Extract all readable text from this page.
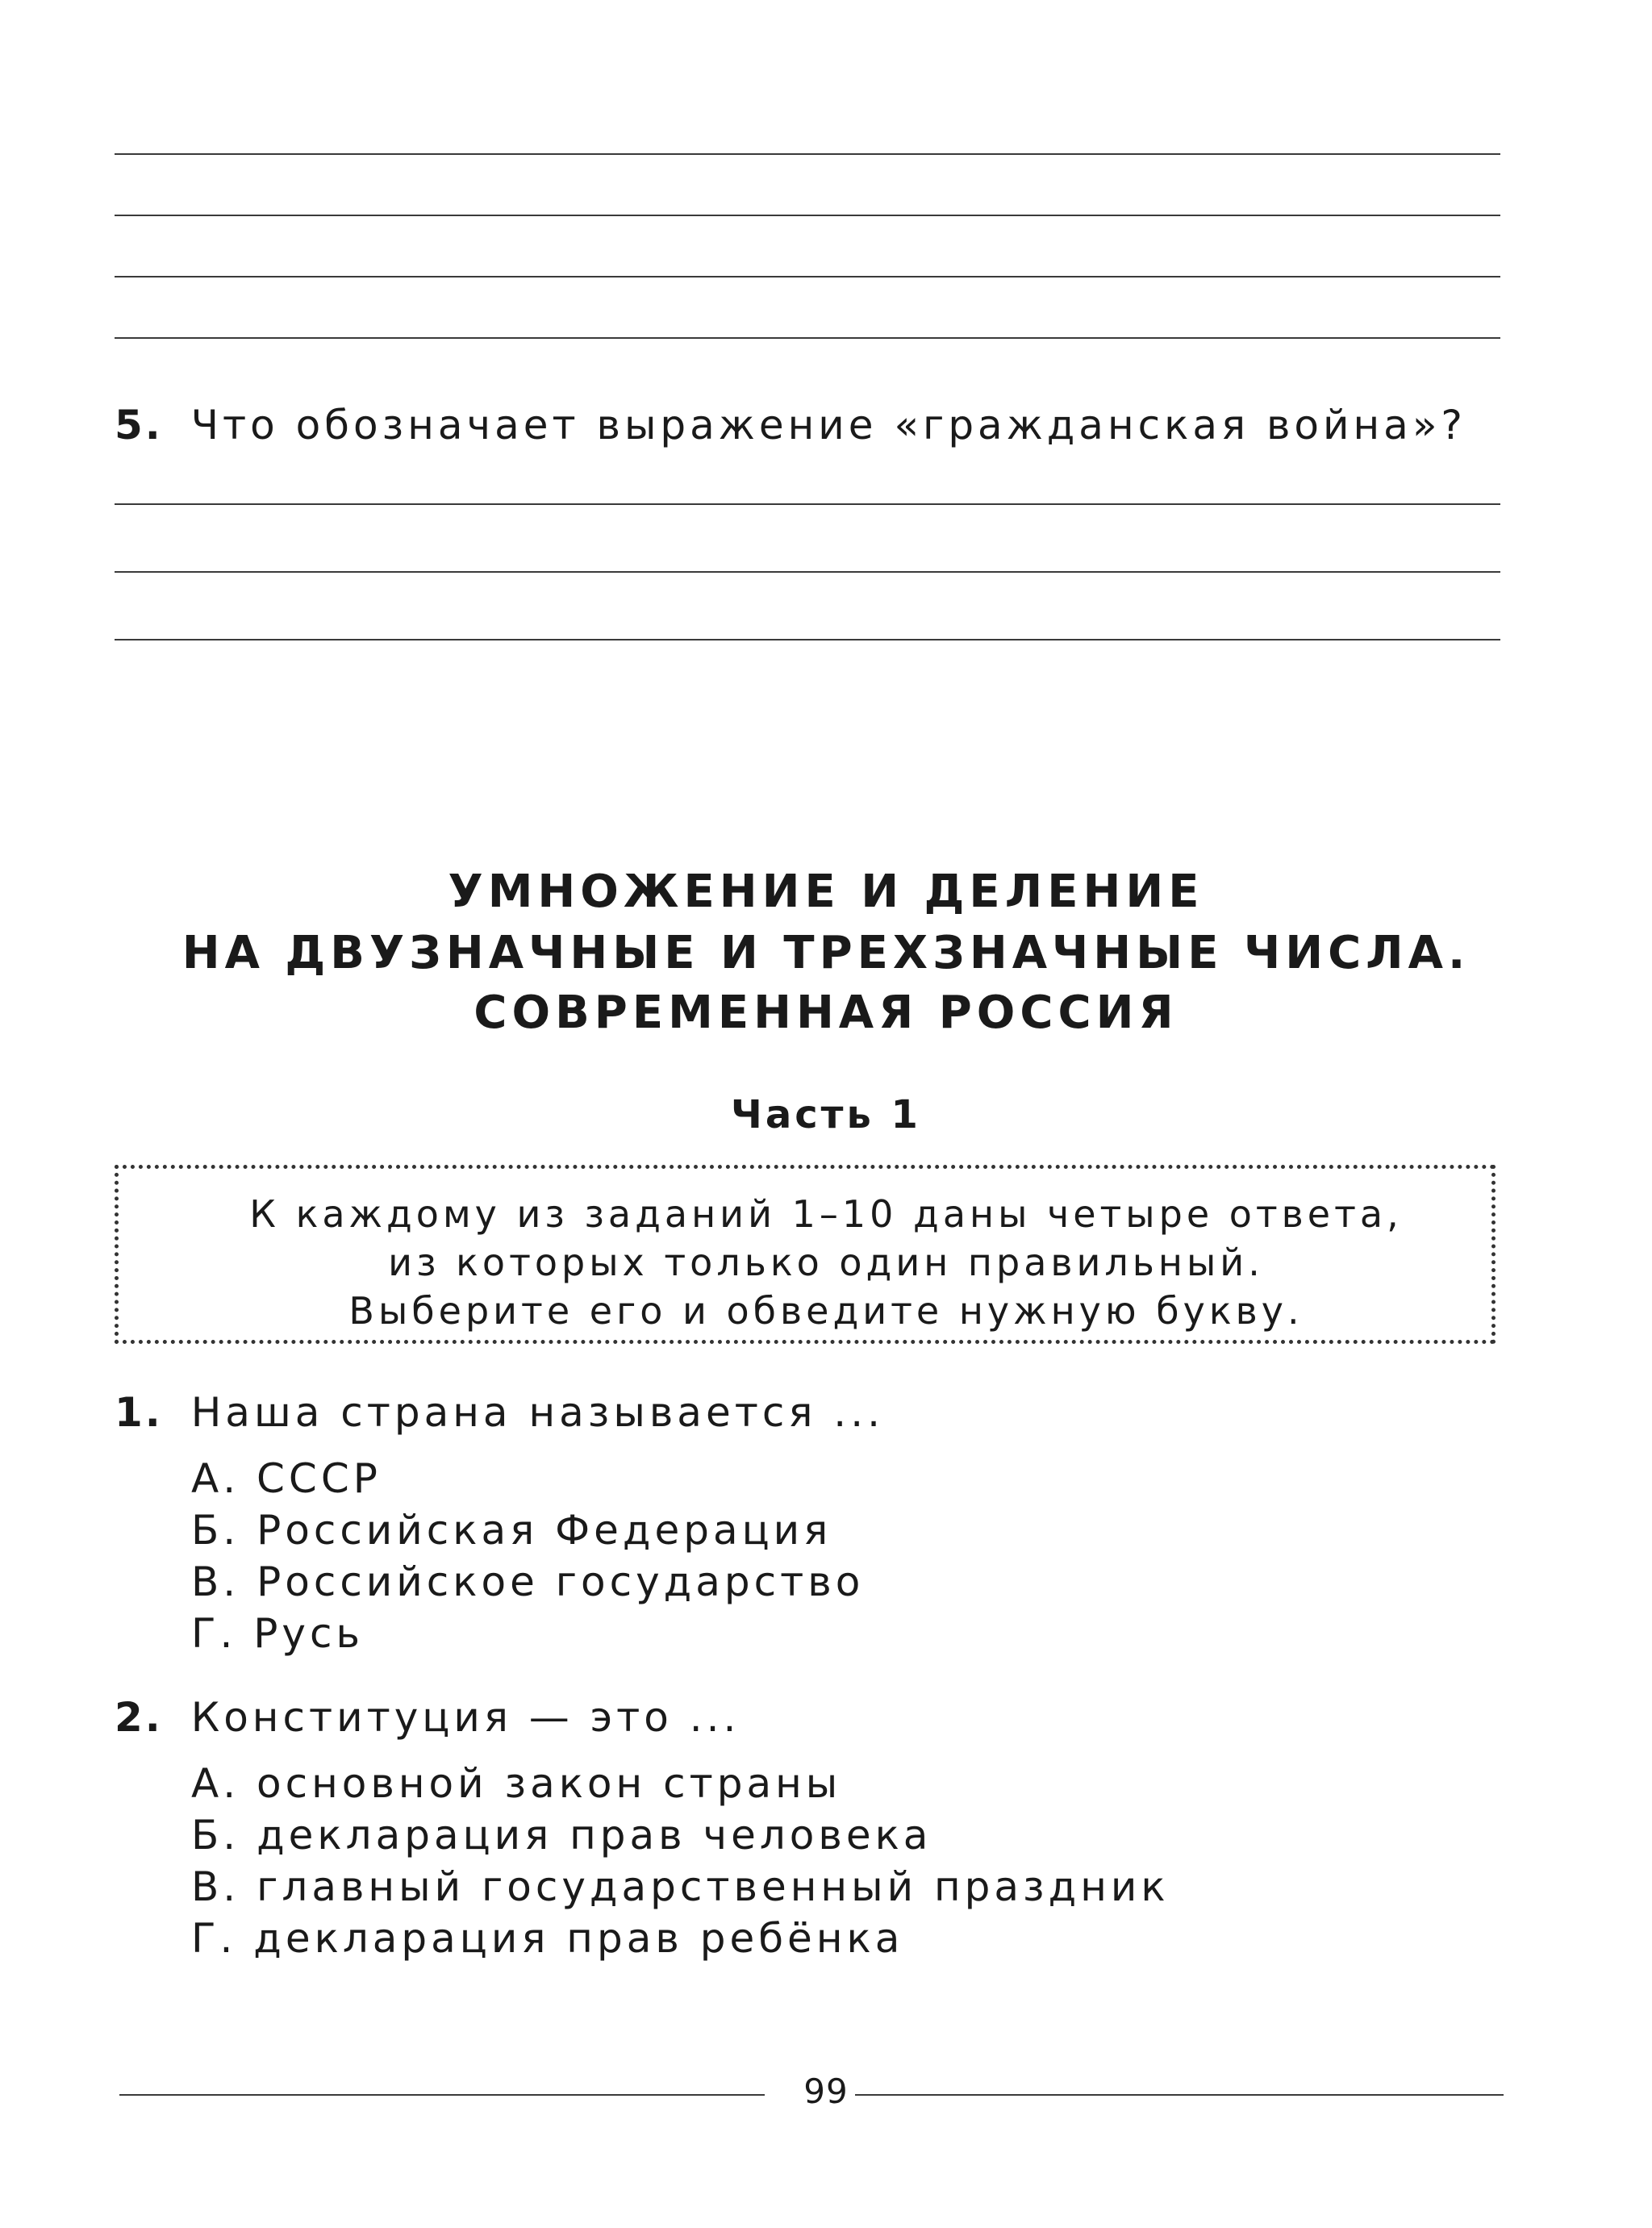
5. Что обозначает выражение «гражданская война»?
УМНОЖЕНИЕ И ДЕЛЕНИЕ
НА ДВУЗНАЧНЫЕ И ТРЕХЗНАЧНЫЕ ЧИСЛА.
СОВРЕМЕННАЯ РОССИЯ
Часть 1
К каждому из заданий 1–10 даны четыре ответа,
из которых только один правильный.
Выберите его и обведите нужную букву.
1. Наша страна называется ...
А. СССР
Б. Российская Федерация
В. Российское государство
Г. Русь
2. Конституция — это ...
А. основной закон страны
Б. декларация прав человека
В. главный государственный праздник
Г. декларация прав ребёнка
99
